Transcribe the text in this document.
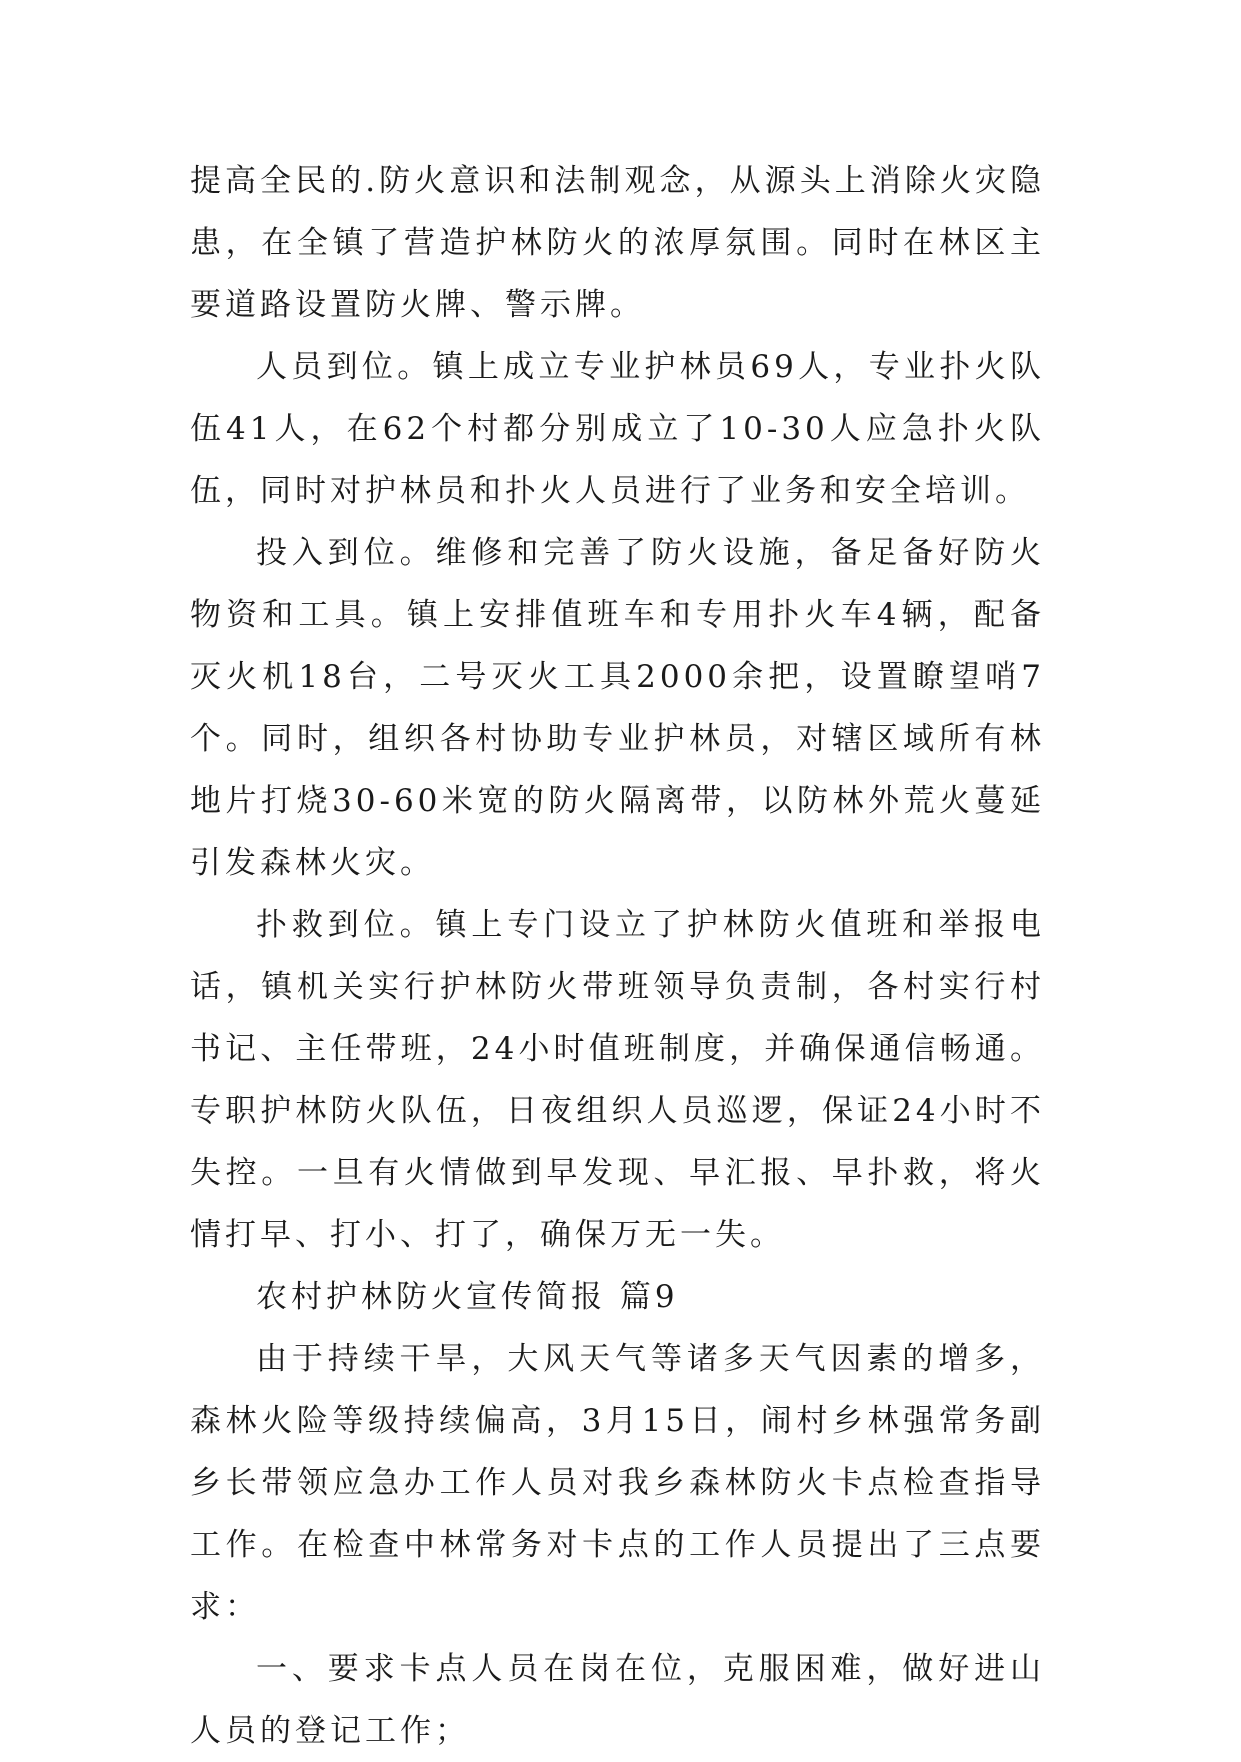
提高全民的.防火意识和法制观念，从源头上消除火灾隐患，在全镇了营造护林防火的浓厚氛围。同时在林区主要道路设置防火牌、警示牌。

人员到位。镇上成立专业护林员69人，专业扑火队伍41人，在62个村都分别成立了10-30人应急扑火队伍，同时对护林员和扑火人员进行了业务和安全培训。

投入到位。维修和完善了防火设施，备足备好防火物资和工具。镇上安排值班车和专用扑火车4辆，配备灭火机18台，二号灭火工具2000余把，设置瞭望哨7个。同时，组织各村协助专业护林员，对辖区域所有林地片打烧30-60米宽的防火隔离带，以防林外荒火蔓延引发森林火灾。

扑救到位。镇上专门设立了护林防火值班和举报电话，镇机关实行护林防火带班领导负责制，各村实行村书记、主任带班，24小时值班制度，并确保通信畅通。专职护林防火队伍，日夜组织人员巡逻，保证24小时不失控。一旦有火情做到早发现、早汇报、早扑救，将火情打早、打小、打了，确保万无一失。

农村护林防火宣传简报 篇9

由于持续干旱，大风天气等诸多天气因素的增多，森林火险等级持续偏高，3月15日，闹村乡林强常务副乡长带领应急办工作人员对我乡森林防火卡点检查指导工作。在检查中林常务对卡点的工作人员提出了三点要求：

一、要求卡点人员在岗在位，克服困难，做好进山人员的登记工作；
